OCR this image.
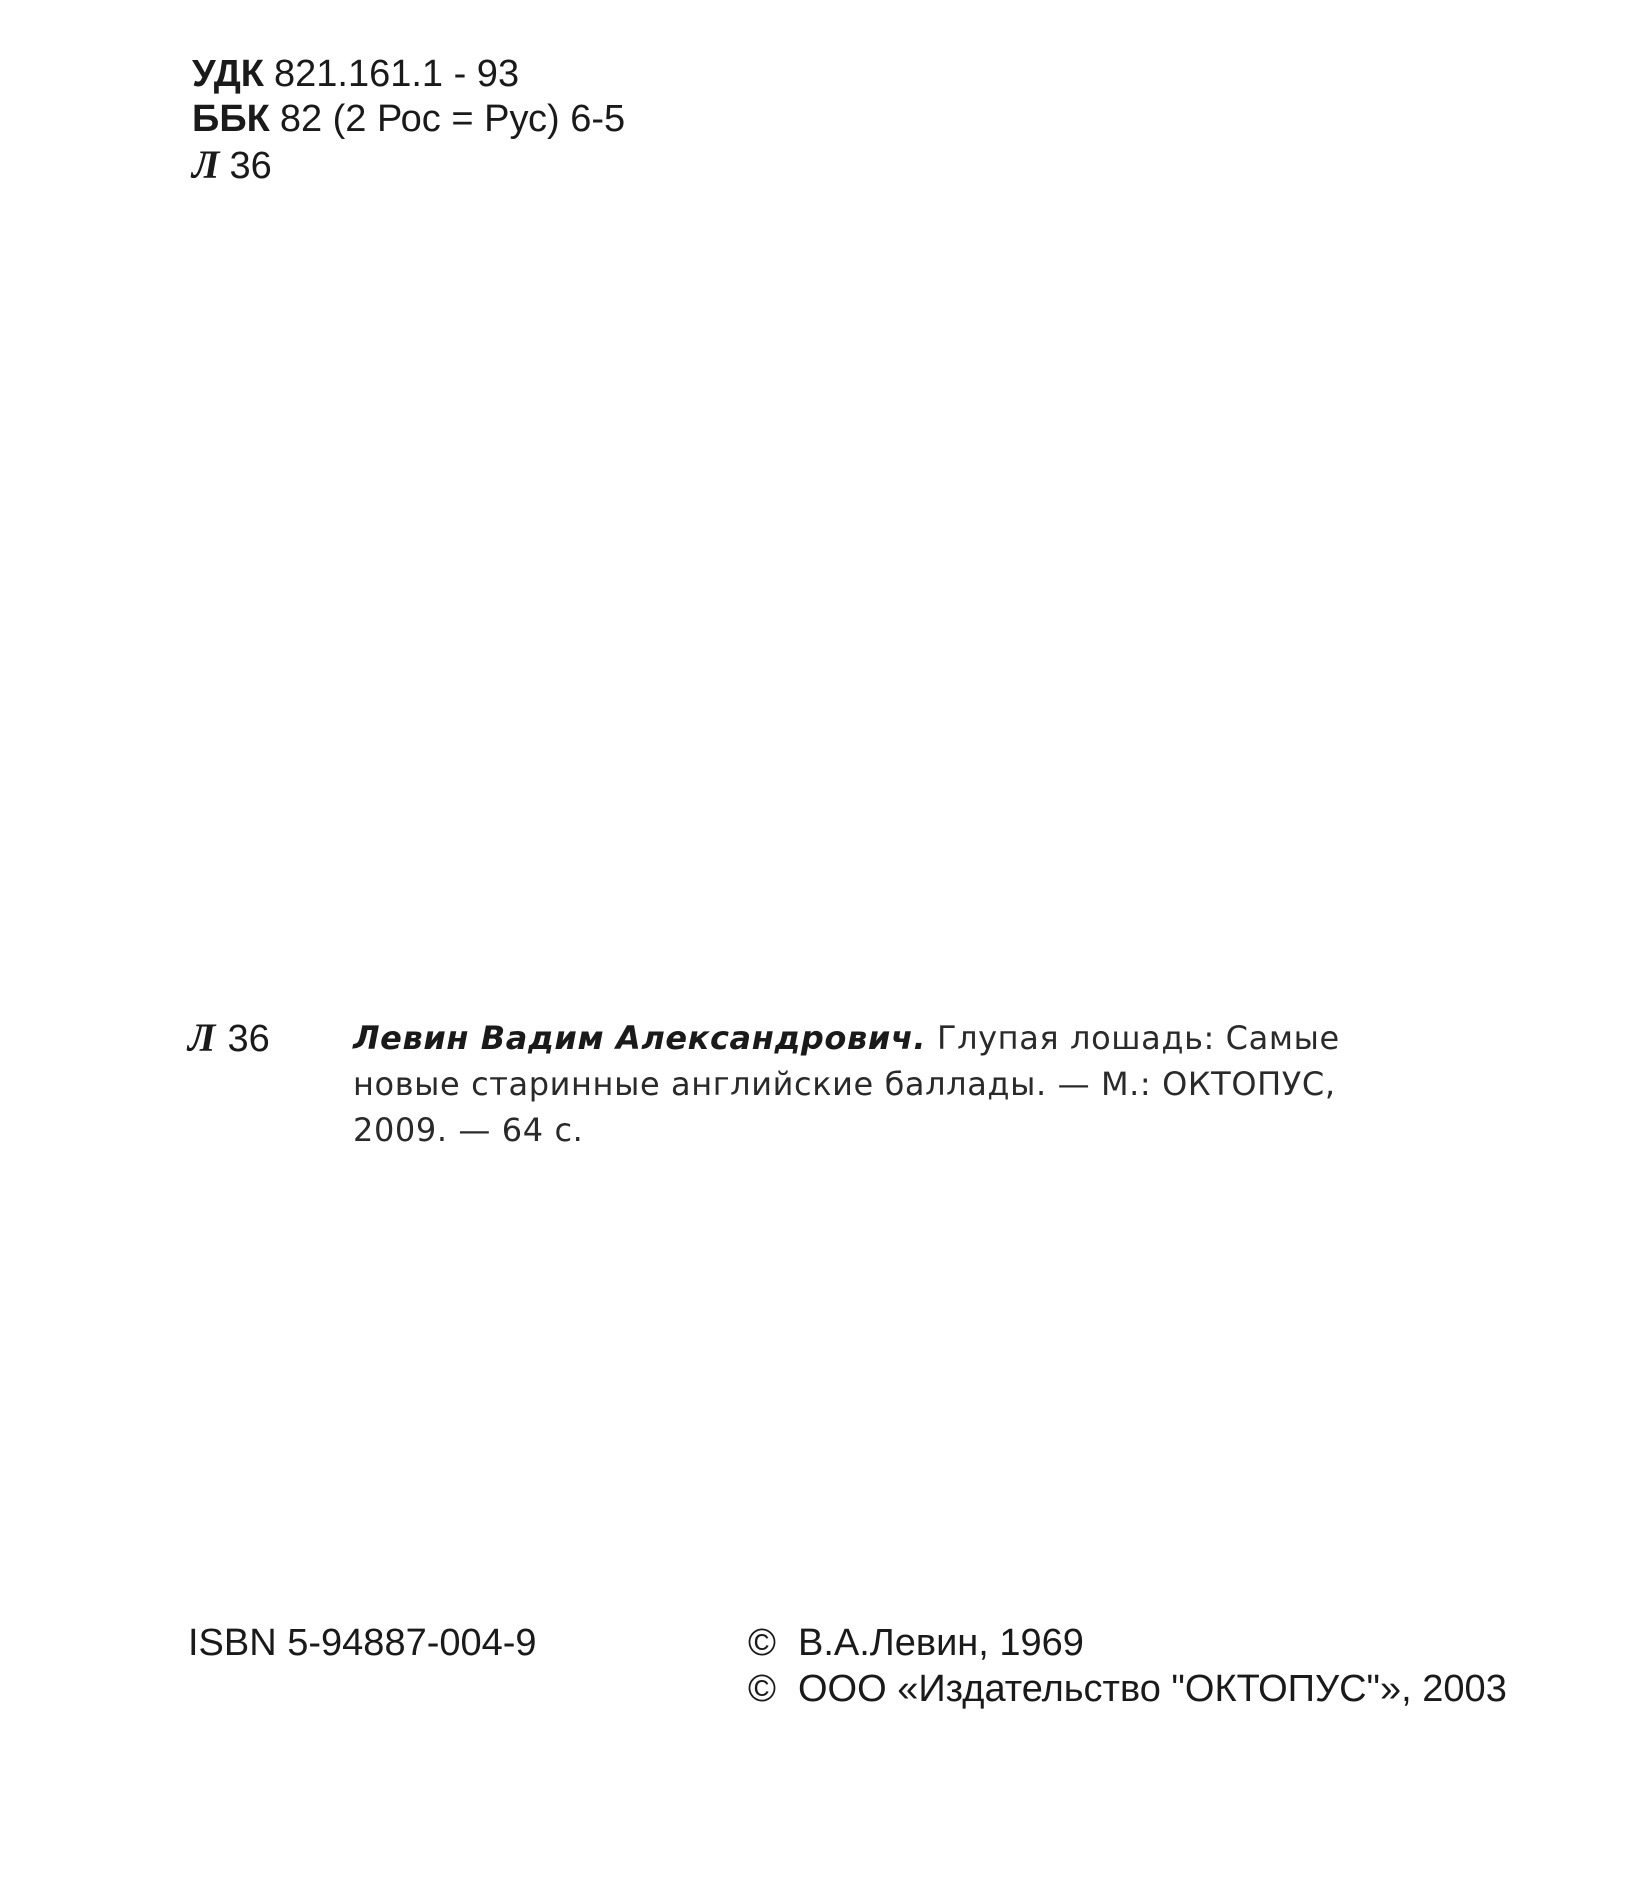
УДК 821.161.1 - 93
ББК 82 (2 Рос = Рус) 6-5
Л 36
Л 36	Левин Вадим Александрович. Глупая лошадь: Самые новые старинные английские баллады. — М.: ОКТОПУС, 2009. — 64 с.
ISBN 5-94887-004-9	© В.А.Левин, 1969
© ООО «Издательство "ОКТОПУС"», 2003
